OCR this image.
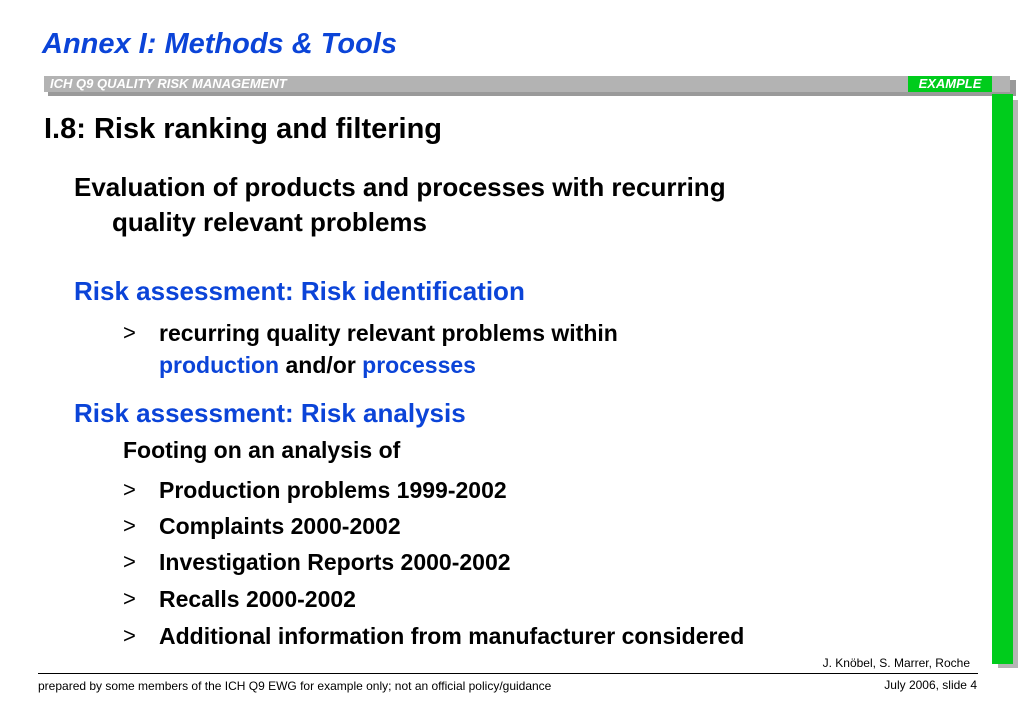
Annex I: Methods & Tools
ICH Q9 QUALITY RISK MANAGEMENT	EXAMPLE
I.8: Risk ranking and filtering
Evaluation of products and processes with recurring
quality relevant problems
Risk assessment: Risk identification
> recurring quality relevant problems within
production and/or processes
Risk assessment: Risk analysis
Footing on an analysis of
> Production problems 1999-2002
> Complaints 2000-2002
> Investigation Reports 2000-2002
> Recalls 2000-2002
> Additional information from manufacturer considered
J. Knöbel, S. Marrer, Roche
prepared by some members of the ICH Q9 EWG for example only; not an official policy/guidance	July 2006, slide 4
